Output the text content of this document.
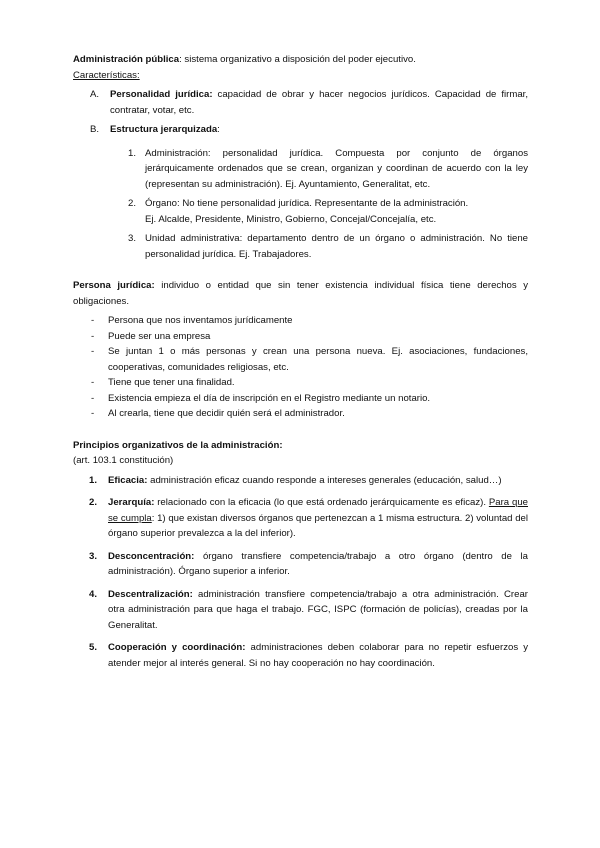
Administración pública: sistema organizativo a disposición del poder ejecutivo.

Características:

A. Personalidad jurídica: capacidad de obrar y hacer negocios jurídicos. Capacidad de firmar, contratar, votar, etc.
B. Estructura jerarquizada:
1. Administración: personalidad jurídica. Compuesta por conjunto de órganos jerárquicamente ordenados que se crean, organizan y coordinan de acuerdo con la ley (representan su administración). Ej. Ayuntamiento, Generalitat, etc.
2. Órgano: No tiene personalidad jurídica. Representante de la administración.
Ej. Alcalde, Presidente, Ministro, Gobierno, Concejal/Concejalía, etc.
3. Unidad administrativa: departamento dentro de un órgano o administración. No tiene personalidad jurídica. Ej. Trabajadores.

Persona jurídica: individuo o entidad que sin tener existencia individual física tiene derechos y obligaciones.

- Persona que nos inventamos jurídicamente
- Puede ser una empresa
- Se juntan 1 o más personas y crean una persona nueva. Ej. asociaciones, fundaciones, cooperativas, comunidades religiosas, etc.
- Tiene que tener una finalidad.
- Existencia empieza el día de inscripción en el Registro mediante un notario.
- Al crearla, tiene que decidir quién será el administrador.

Principios organizativos de la administración:

(art. 103.1 constitución)

1. Eficacia: administración eficaz cuando responde a intereses generales (educación, salud…)
2. Jerarquía: relacionado con la eficacia (lo que está ordenado jerárquicamente es eficaz). Para que se cumpla: 1) que existan diversos órganos que pertenezcan a 1 misma estructura. 2) voluntad del órgano superior prevalezca a la del inferior).
3. Desconcentración: órgano transfiere competencia/trabajo a otro órgano (dentro de la administración). Órgano superior a inferior.
4. Descentralización: administración transfiere competencia/trabajo a otra administración. Crear otra administración para que haga el trabajo. FGC, ISPC (formación de policías), creadas por la Generalitat.
5. Cooperación y coordinación: administraciones deben colaborar para no repetir esfuerzos y atender mejor al interés general. Si no hay cooperación no hay coordinación.
